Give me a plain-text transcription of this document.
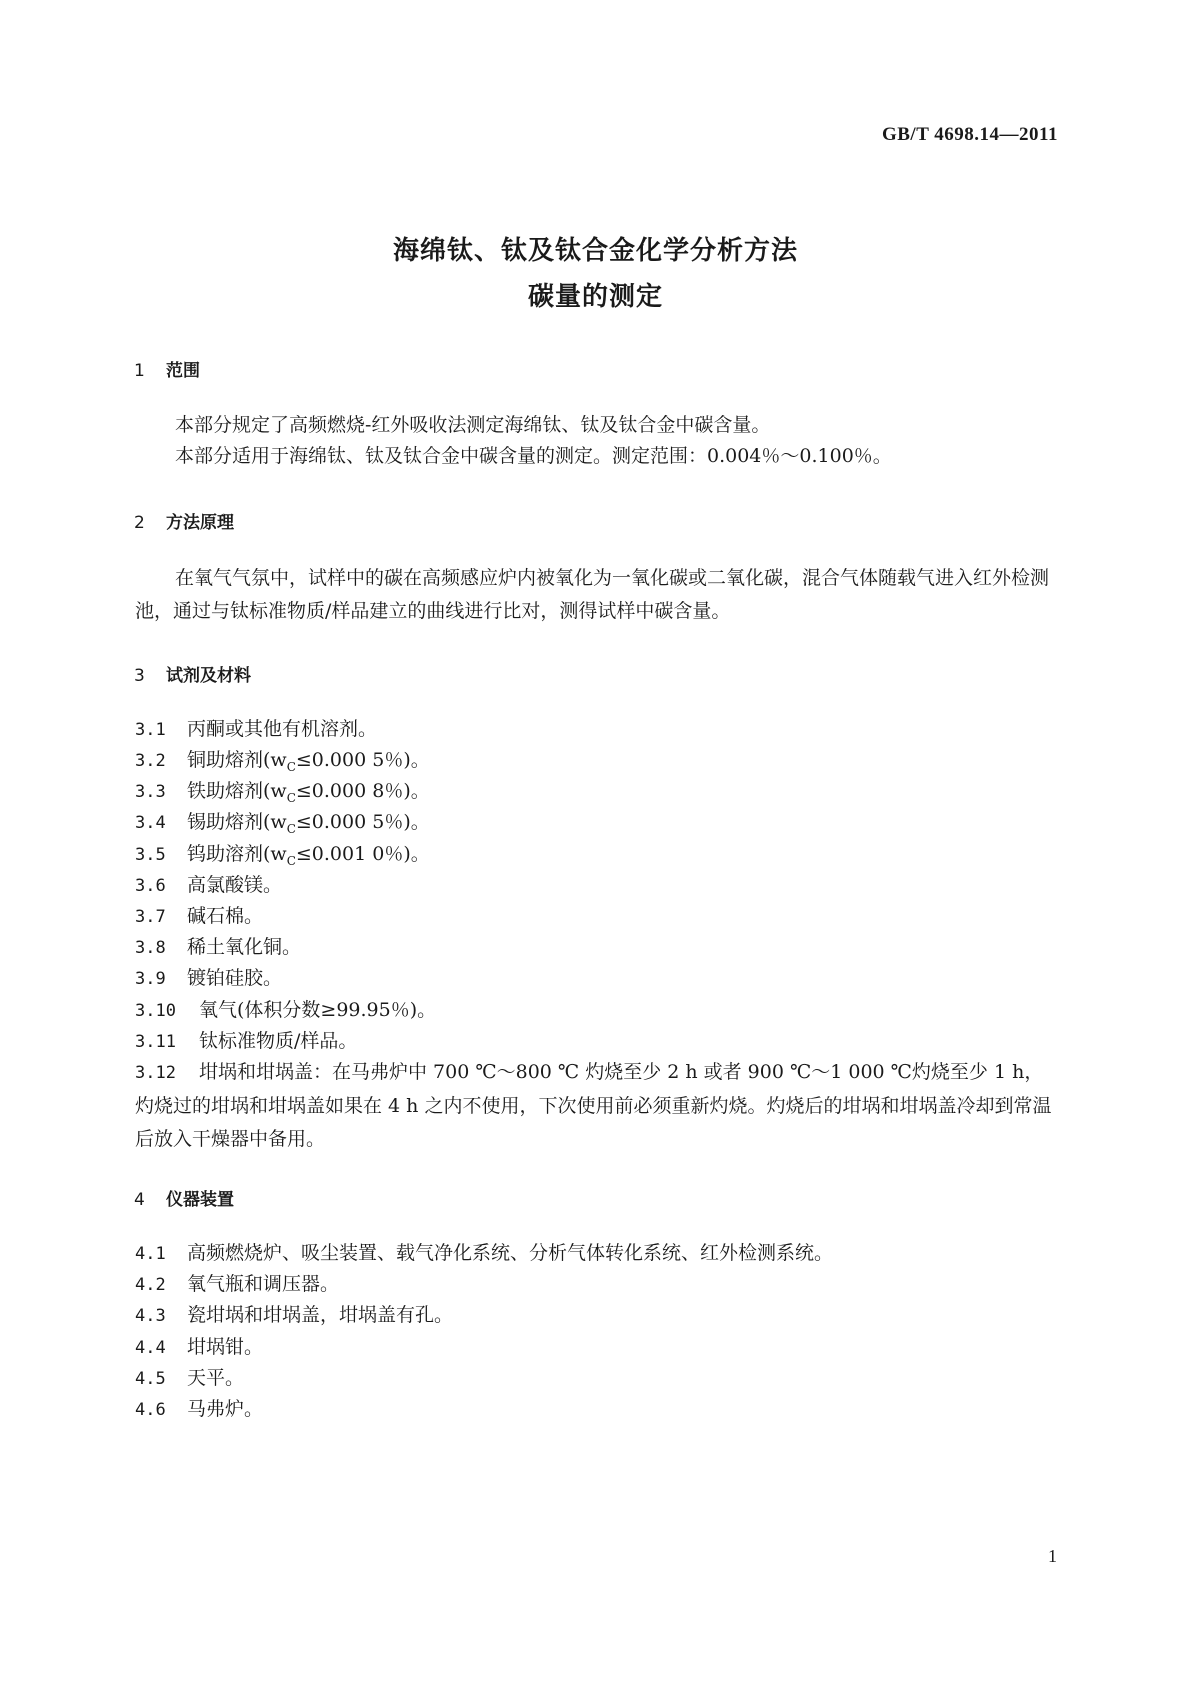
GB/T 4698.14—2011
海绵钛、钛及钛合金化学分析方法
碳量的测定
1 范围
本部分规定了高频燃烧-红外吸收法测定海绵钛、钛及钛合金中碳含量。
本部分适用于海绵钛、钛及钛合金中碳含量的测定。测定范围：0.004％～0.100％。
2 方法原理
在氧气气氛中，试样中的碳在高频感应炉内被氧化为一氧化碳或二氧化碳，混合气体随载气进入红外检测池，通过与钛标准物质/样品建立的曲线进行比对，测得试样中碳含量。
3 试剂及材料
3.1 丙酮或其他有机溶剂。
3.2 铜助熔剂($w_C\le 0.000$ 5％)。
3.3 铁助熔剂($w_C\le 0.000$ 8％)。
3.4 锡助熔剂($w_C\le 0.000$ 5％)。
3.5 钨助溶剂($w_C\le 0.001$ 0％)。
3.6 高氯酸镁。
3.7 碱石棉。
3.8 稀土氧化铜。
3.9 镀铂硅胶。
3.10 氧气(体积分数≥99.95％)。
3.11 钛标准物质/样品。
3.12 坩埚和坩埚盖：在马弗炉中 700 ℃～800 ℃ 灼烧至少 2 h 或者 900 ℃～1 000 ℃灼烧至少 1 h，灼烧过的坩埚和坩埚盖如果在 4 h 之内不使用，下次使用前必须重新灼烧。灼烧后的坩埚和坩埚盖冷却到常温后放入干燥器中备用。
4 仪器装置
4.1 高频燃烧炉、吸尘装置、载气净化系统、分析气体转化系统、红外检测系统。
4.2 氧气瓶和调压器。
4.3 瓷坩埚和坩埚盖，坩埚盖有孔。
4.4 坩埚钳。
4.5 天平。
4.6 马弗炉。
1
